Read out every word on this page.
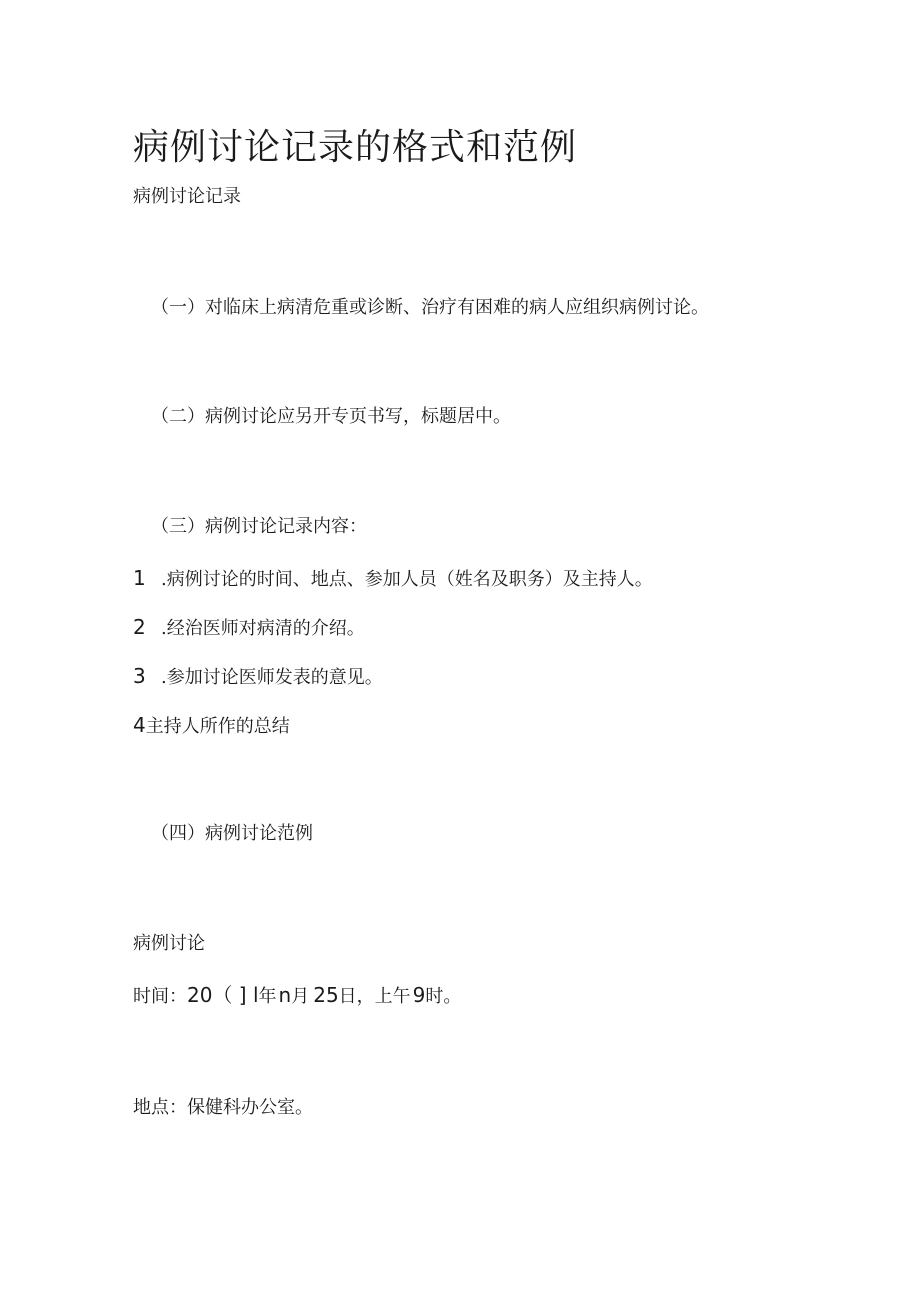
病例讨论记录的格式和范例
病例讨论记录
（一）对临床上病清危重或诊断、治疗有困难的病人应组织病例讨论。
（二）病例讨论应另开专页书写，标题居中。
（三）病例讨论记录内容：
1 .病例讨论的时间、地点、参加人员（姓名及职务）及主持人。
2 .经治医师对病清的介绍。
3 .参加讨论医师发表的意见。
4主持人所作的总结
（四）病例讨论范例
病例讨论
时间：20（ ] l年 n月 25日，上午 9时。
地点：保健科办公室。
